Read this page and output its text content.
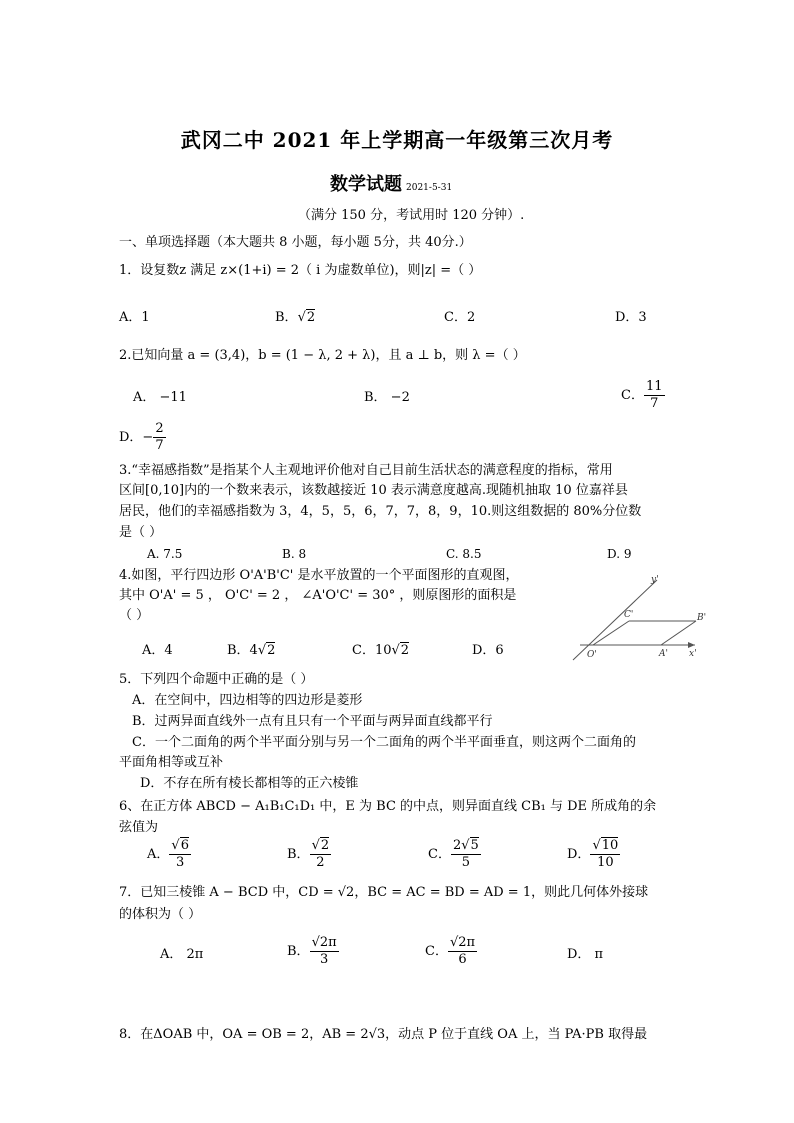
武冈二中 2021 年上学期高一年级第三次月考
数学试题 2021-5-31
（满分 150 分，考试用时 120 分钟）.
一、单项选择题（本大题共 8 小题，每小题 5分，共 40分.）
1．设复数z 满足 z×(1+i) = 2（ i 为虚数单位)，则|z| =（ ）
A．1	B．√2	C．2	D．3
2.已知向量 a = (3,4)，b = (1 − λ, 2 + λ)，且 a ⊥ b，则 λ =（ ）
A． −11	B． −2	C． $\frac{11}{7}$
D．− $\frac{2}{7}$
3.“幸福感指数”是指某个人主观地评价他对自己目前生活状态的满意程度的指标，常用
区间[0,10]内的一个数来表示，该数越接近 10 表示满意度越高.现随机抽取 10 位嘉祥县
居民，他们的幸福感指数为 3，4，5，5，6，7，7，8，9，10.则这组数据的 80%分位数
是（ ）
A. 7.5	B. 8	C. 8.5	D. 9
4.如图，平行四边形 O'A'B'C' 是水平放置的一个平面图形的直观图，
其中 O'A' = 5 ， O'C' = 2 ， ∠A'O'C' = 30° ，则原图形的面积是
（ ）
A．4	B．4√2	C．10√2	D．6
y'
x'
O'	A'
B'
C'
5．下列四个命题中正确的是（ ）
A．在空间中，四边相等的四边形是菱形
B．过两异面直线外一点有且只有一个平面与两异面直线都平行
C．一个二面角的两个半平面分别与另一个二面角的两个半平面垂直，则这两个二面角的
平面角相等或互补
D．不存在所有棱长都相等的正六棱锥
6、在正方体 ABCD − A₁B₁C₁D₁ 中，E 为 BC 的中点，则异面直线 CB₁ 与 DE 所成角的余
弦值为
A． $\frac{√6}{3}$	B． $\frac{√2}{2}$	C． $\frac{2√5}{5}$	D． $\frac{√10}{10}$
7．已知三棱锥 A − BCD 中，CD = √2，BC = AC = BD = AD = 1，则此几何体外接球
的体积为（ ）
A． 2π	B． $\frac{√2\pi}{3}$	C． $\frac{√2\pi}{6}$	D． π
8．在ΔOAB 中，OA = OB = 2，AB = 2√3，动点 P 位于直线 OA 上，当 PA·PB 取得最
